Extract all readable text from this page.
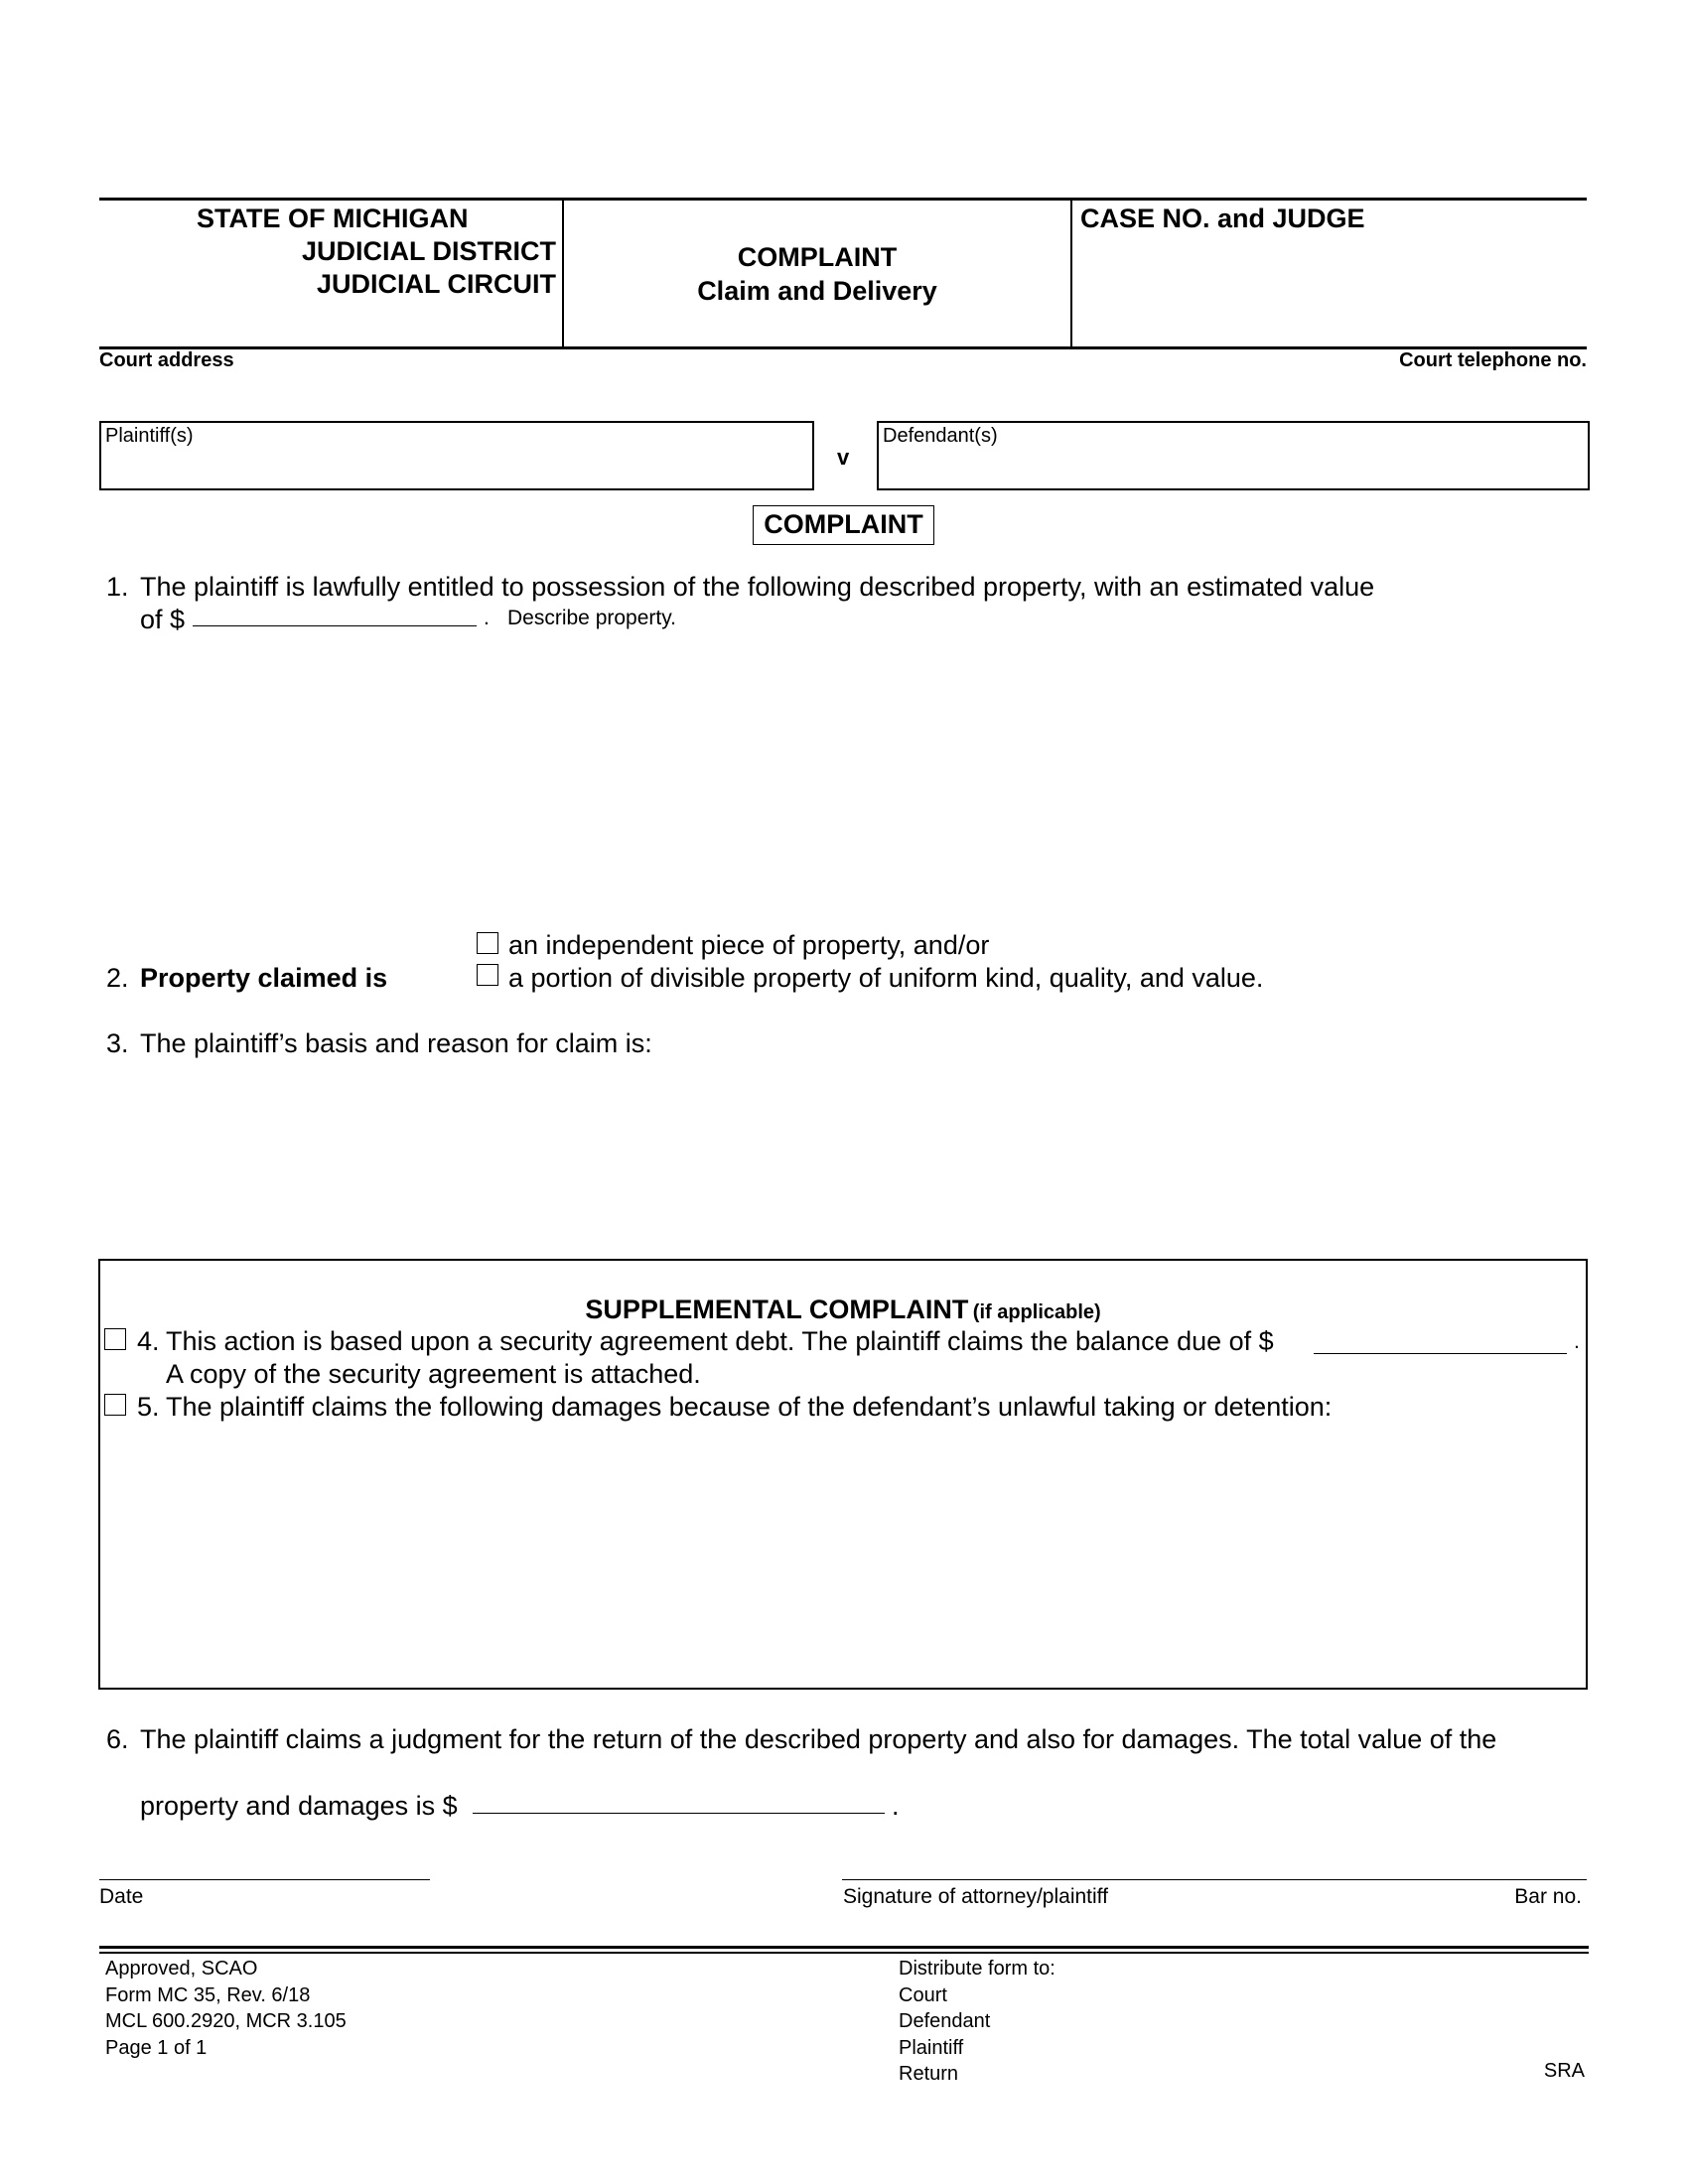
STATE OF MICHIGAN
JUDICIAL DISTRICT
JUDICIAL CIRCUIT
COMPLAINT
Claim and Delivery
CASE NO. and JUDGE
Court address	Court telephone no.
Plaintiff(s)
v
Defendant(s)
COMPLAINT
1. The plaintiff is lawfully entitled to possession of the following described property, with an estimated value
of $	. Describe property.
2. Property claimed is
an independent piece of property, and/or
a portion of divisible property of uniform kind, quality, and value.
3. The plaintiff’s basis and reason for claim is:
SUPPLEMENTAL COMPLAINT (if applicable)
4. This action is based upon a security agreement debt. The plaintiff claims the balance due of $	.
A copy of the security agreement is attached.
5. The plaintiff claims the following damages because of the defendant’s unlawful taking or detention:
6. The plaintiff claims a judgment for the return of the described property and also for damages. The total value of the
property and damages is $	.
Date	Signature of attorney/plaintiff	Bar no.
Approved, SCAO
Form MC 35, Rev. 6/18
MCL 600.2920, MCR 3.105
Page 1 of 1
Distribute form to:
Court
Defendant
Plaintiff
Return	SRA
